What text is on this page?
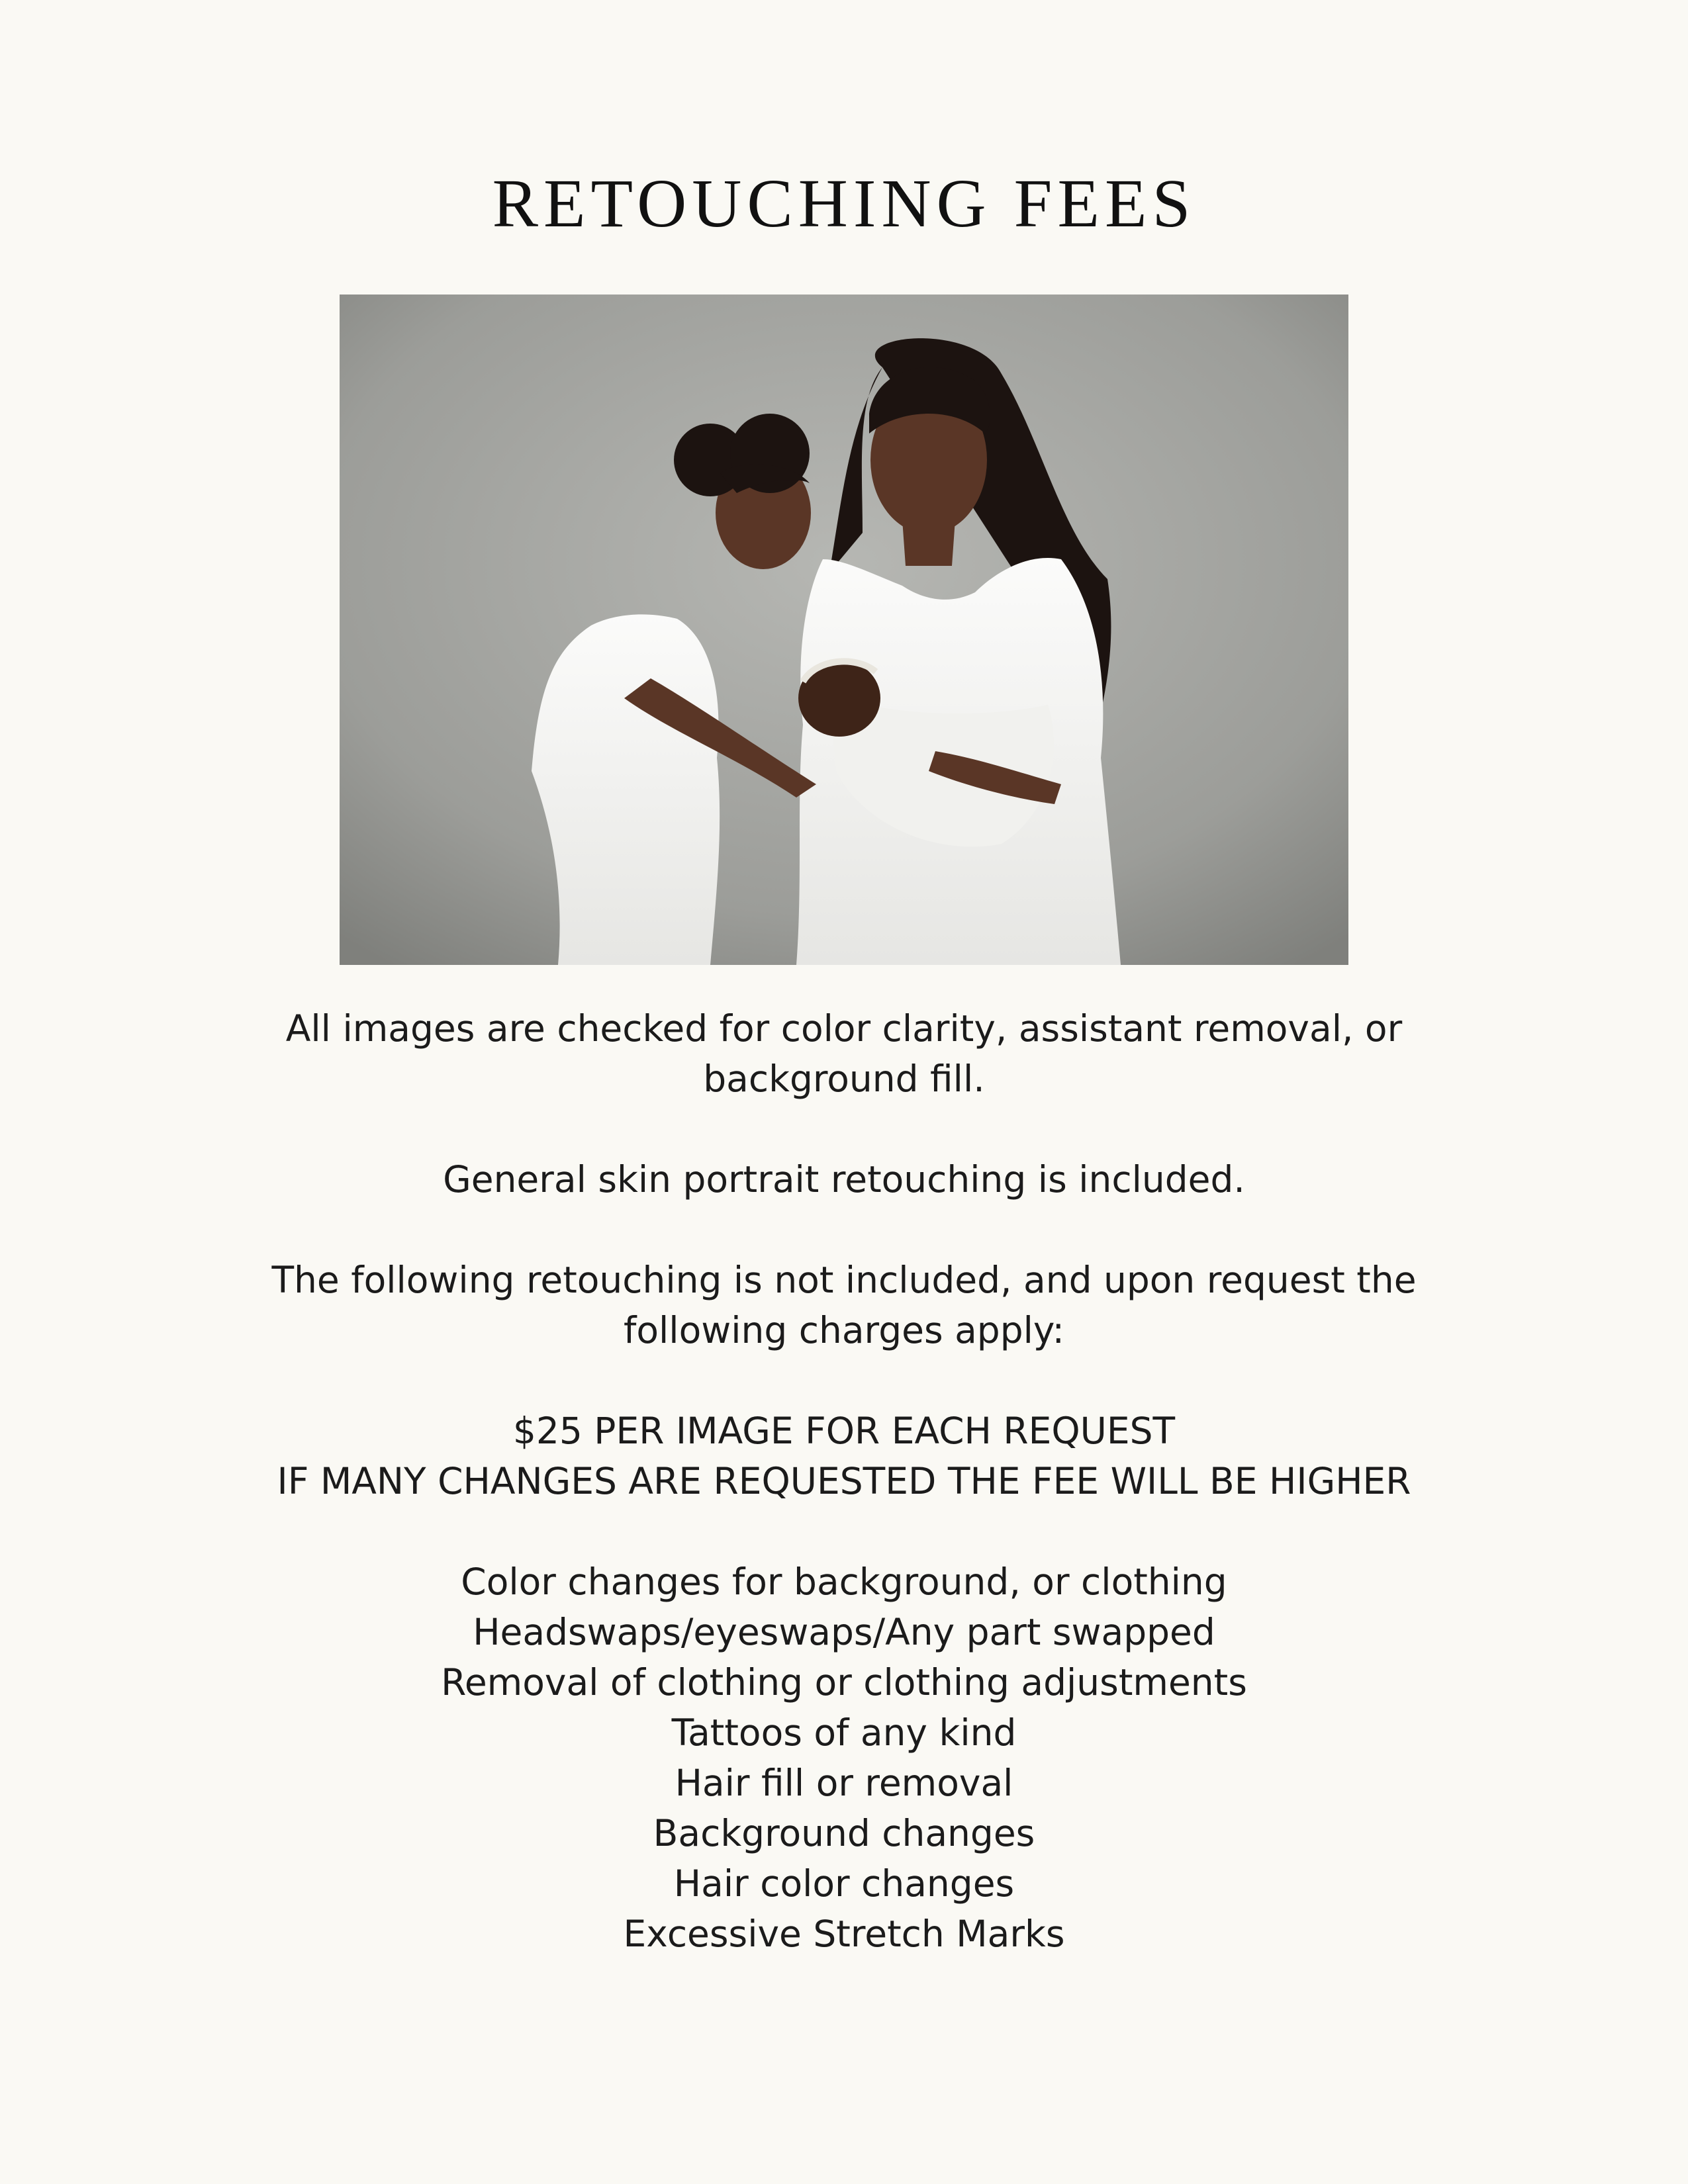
RETOUCHING FEES

All images are checked for color clarity, assistant removal, or background fill.

General skin portrait retouching is included.

The following retouching is not included, and upon request the following charges apply:

$25 PER IMAGE FOR EACH REQUEST

IF MANY CHANGES ARE REQUESTED THE FEE WILL BE HIGHER

Color changes for background, or clothing
Headswaps/eyeswaps/Any part swapped
Removal of clothing or clothing adjustments
Tattoos of any kind
Hair fill or removal
Background changes
Hair color changes
Excessive Stretch Marks
